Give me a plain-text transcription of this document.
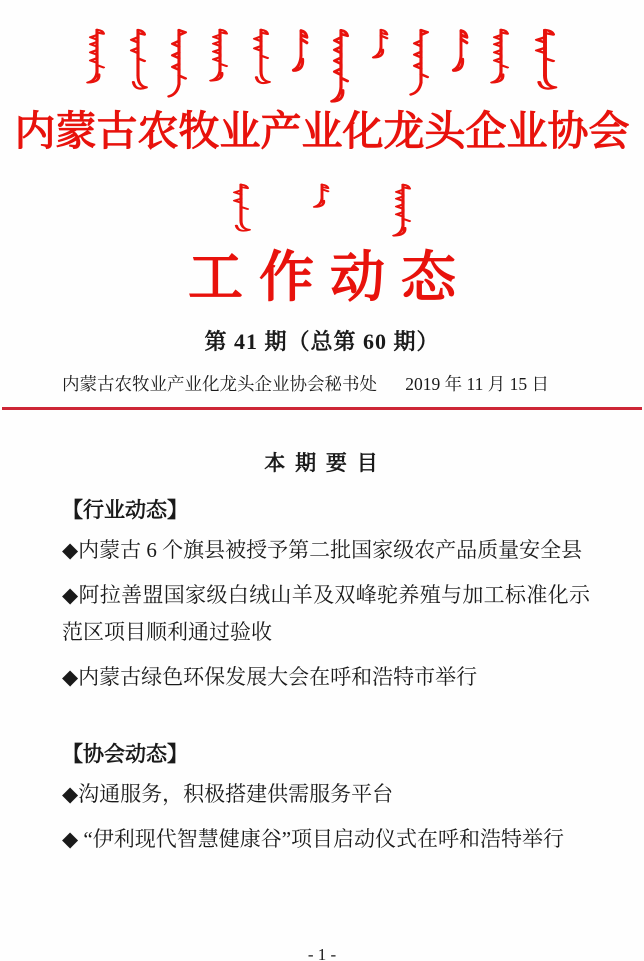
内蒙古农牧业产业化龙头企业协会
工作动态
第 41 期（总第 60 期）
内蒙古农牧业产业化龙头企业协会秘书处 2019 年 11 月 15 日
本 期 要 目
【行业动态】

◆内蒙古 6 个旗县被授予第二批国家级农产品质量安全县

◆阿拉善盟国家级白绒山羊及双峰驼养殖与加工标准化示范区项目顺利通过验收

◆内蒙古绿色环保发展大会在呼和浩特市举行

【协会动态】

◆沟通服务，积极搭建供需服务平台

◆ “伊利现代智慧健康谷”项目启动仪式在呼和浩特举行

- 1 -
